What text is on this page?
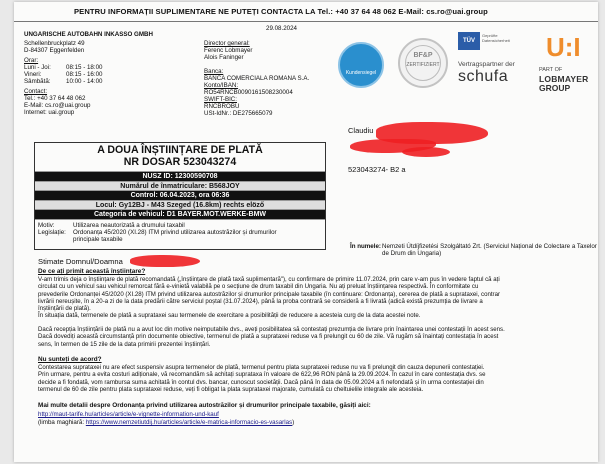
PENTRU INFORMAȚII SUPLIMENTARE NE PUTEȚI CONTACTA LA Tel.: +40 37 64 48 062 E-Mail: cs.ro@uai.group
29.08.2024
UNGARISCHE AUTOBAHN INKASSO GMBH
Schellenbruckplatz 49
D-84307 Eggenfelden
Orar:
Luni - Joi: 08:15 - 18:00
Vineri:	08:15 - 16:00
Sâmbătă:	10:00 - 14:00
Contact:
Tel.: +40 37 64 48 062
E-Mail: cs.ro@uai.group
Internet: uai.group
Director general:
Ferenc Lobmayer
Alois Faninger
Banca:
BANCA COMERCIALA ROMANA S.A.
Konto/IBAN:
RO54RNCB0090161508230004
SWIFT-BIC:
RNCBROBU
USt-IdNr.: DE275665079
Kundensiegel
BF&P
ZERTIFIZIERT
TÜV
Geprüfte
Datensicherheit
Vertragspartner der
schufa
U:I
PART OF
LOBMAYER
GROUP
Claudiu
523043274- B2 a
A DOUA ÎNȘTIINȚARE DE PLATĂ
NR DOSAR 523043274
NUSZ ID: 12300590708
Numărul de înmatriculare: B568JOY
Control: 06.04.2023, ora 06:36
Locul: Gy12BJ - M43 Szeged (16.8km) rechts elöző
Categoria de vehicul: D1 BAYER.MOT.WERKE-BMW
Motiv:	Utilizarea neautorizată a drumului taxabil
Legislație: Ordonanța 45/2020 (XI.28) ITM privind utilizarea autostrăzilor și drumurilor
principale taxabile
În numele: Nemzeti Útdíjfizetési Szolgáltató Zrt. (Serviciul Național de Colectare a Taxelor
de Drum din Ungaria)
Stimate Domnul/Doamna
De ce ați primit această înștiințare?
V-am trimis deja o înștiințare de plată recomandată („înștiințare de plată taxă suplimentară"), cu confirmare de primire 11.07.2024, prin care v-am pus în vedere faptul că ați
circulat cu un vehicul sau vehicul remorcat fără e-vinietă valabilă pe o secțiune de drum taxabil din Ungaria. Nu ați preluat înștiințarea respectivă. În conformitate cu
prevederile Ordonanței 45/2020 (XI.28) ITM privind utilizarea autostrăzilor și drumurilor principale taxabile (în continuare: Ordonanța), cererea de plată a suprataxei, contrar
livrării nereușite, în a 20-a zi de la data predării către serviciul poștal (31.07.2024), până la proba contrară se consideră a fi livrată (adică există prezumția de livrare a
înștiințării de plată).
În situația dată, termenele de plată a suprataxei sau termenele de exercitare a posibilității de reducere a acesteia curg de la data acestei note.
Dacă recepția înștiințării de plată nu a avut loc din motive neimputabile dvs., aveți posibilitatea să contestați prezumția de livrare prin înaintarea unei contestații în acest sens.
Dacă dovediți această circumstanță prin documente obiective, termenul de plată a suprataxei reduse va fi prelungit cu 60 de zile. Vă rugăm să înaintați contestația în acest
sens, în termen de 15 zile de la data primirii prezentei înștiințări.
Nu sunteți de acord?
Contestarea suprataxei nu are efect suspensiv asupra termenelor de plată, termenul pentru plata suprataxei reduse nu va fi prelungit din cauza depunerii contestației.
Prin urmare, pentru a evita costuri adiționale, vă recomandăm să achitați suprataxa în valoare de 622,96 RON până la 29.09.2024. În cazul în care contestația dvs. se
decide a fi fondată, vom rambursa suma achitată în contul dvs. bancar, cunoscut societății. Dacă până în data de 05.09.2024 a fi nefondată și în urma contestației din
termenul de 60 de zile pentru plata suprataxei reduse, veți fi obligat la plata suprataxei majorate, cumulată cu cheltuielile integrale ale acesteia.
Mai multe detalii despre Ordonanța privind utilizarea autostrăzilor și drumurilor principale taxabile, găsiți aici:
http://maut-tarife.hu/articles/article/e-vignette-information-und-kauf
(limba maghiară: https://www.nemzetiutdij.hu/articles/article/e-matrica-informacio-es-vasarlas)
